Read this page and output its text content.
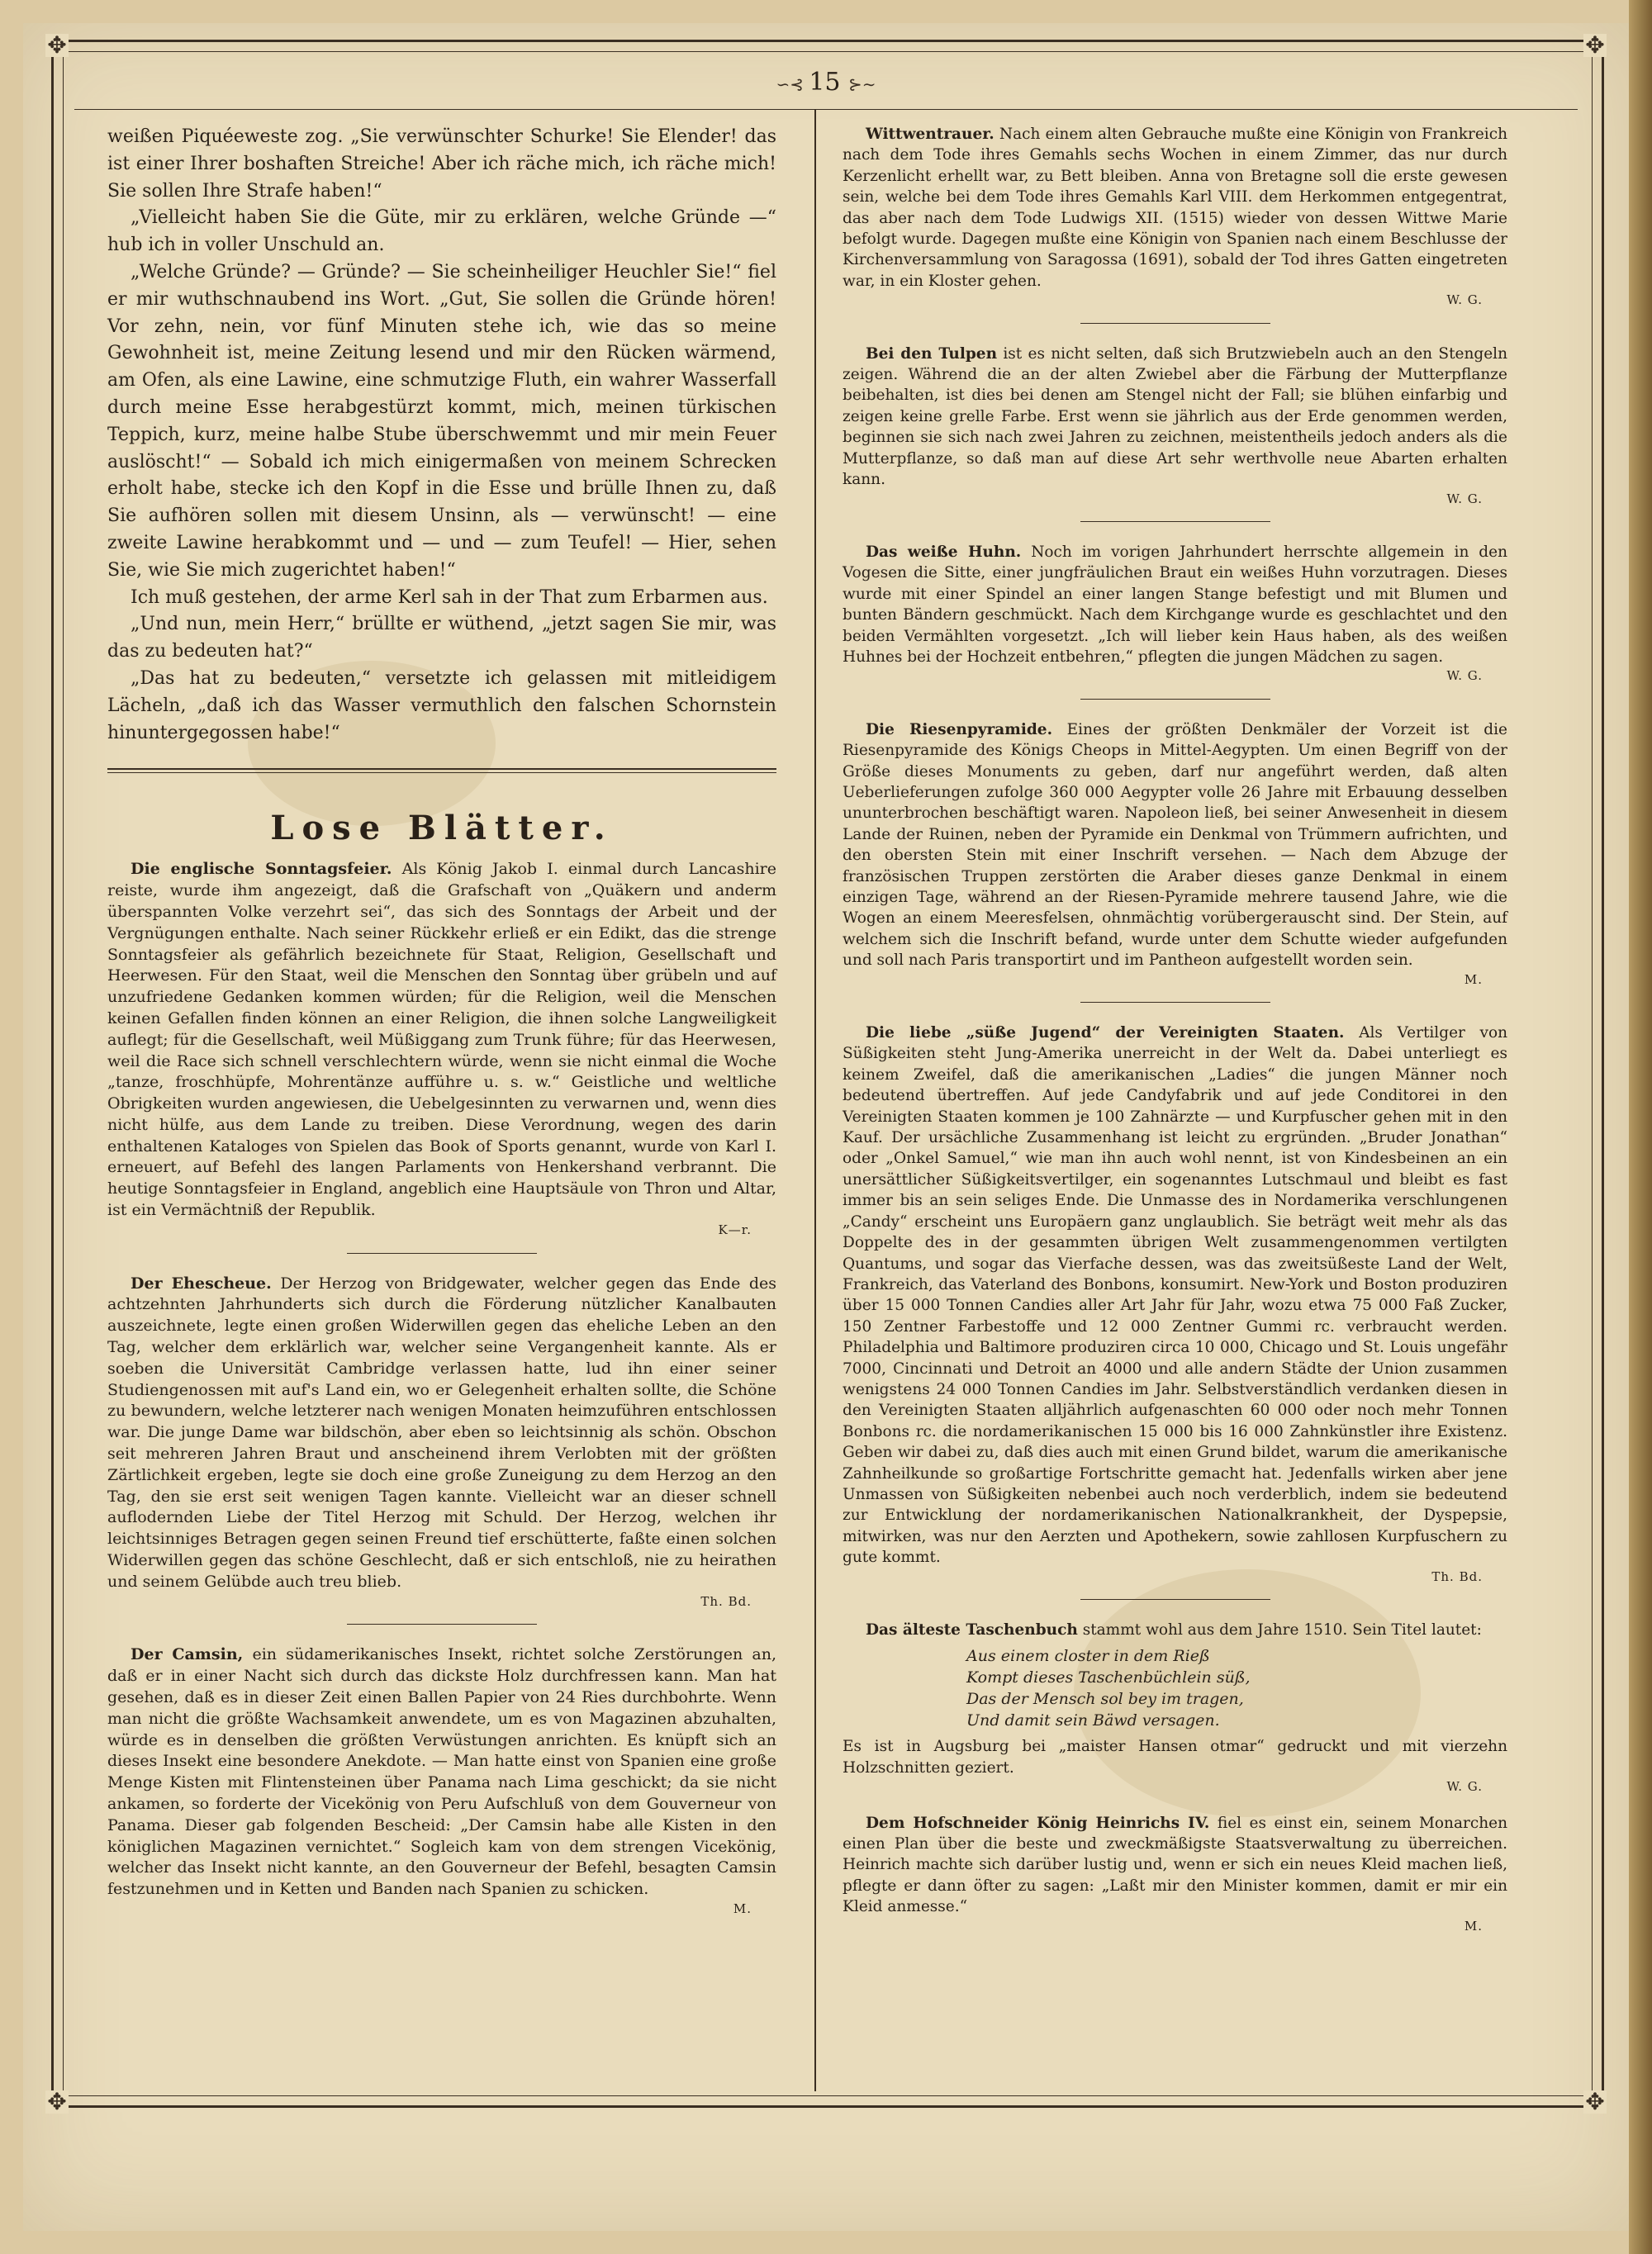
✥	✥
✥	✥
∽⊰ 15 ⊱∼

weißen Piquéeweste zog. „Sie verwünschter Schurke! Sie Elender! das ist einer Ihrer boshaften Streiche! Aber ich räche mich, ich räche mich! Sie sollen Ihre Strafe haben!“

„Vielleicht haben Sie die Güte, mir zu erklären, welche Gründe —“ hub ich in voller Unschuld an.

„Welche Gründe? — Gründe? — Sie scheinheiliger Heuchler Sie!“ fiel er mir wuthschnaubend ins Wort. „Gut, Sie sollen die Gründe hören! Vor zehn, nein, vor fünf Minuten stehe ich, wie das so meine Gewohnheit ist, meine Zeitung lesend und mir den Rücken wärmend, am Ofen, als eine Lawine, eine schmutzige Fluth, ein wahrer Wasserfall durch meine Esse herabgestürzt kommt, mich, meinen türkischen Teppich, kurz, meine halbe Stube überschwemmt und mir mein Feuer auslöscht!“ — Sobald ich mich einigermaßen von meinem Schrecken erholt habe, stecke ich den Kopf in die Esse und brülle Ihnen zu, daß Sie aufhören sollen mit diesem Unsinn, als — verwünscht! — eine zweite Lawine herabkommt und — und — zum Teufel! — Hier, sehen Sie, wie Sie mich zugerichtet haben!“

Ich muß gestehen, der arme Kerl sah in der That zum Erbarmen aus.

„Und nun, mein Herr,“ brüllte er wüthend, „jetzt sagen Sie mir, was das zu bedeuten hat?“

„Das hat zu bedeuten,“ versetzte ich gelassen mit mitleidigem Lächeln, „daß ich das Wasser vermuthlich den falschen Schornstein hinuntergegossen habe!“

Lose Blätter.

Die englische Sonntagsfeier. Als König Jakob I. einmal durch Lancashire reiste, wurde ihm angezeigt, daß die Grafschaft von „Quäkern und anderm überspannten Volke verzehrt sei“, das sich des Sonntags der Arbeit und der Vergnügungen enthalte. Nach seiner Rückkehr erließ er ein Edikt, das die strenge Sonntagsfeier als gefährlich bezeichnete für Staat, Religion, Gesellschaft und Heerwesen. Für den Staat, weil die Menschen den Sonntag über grübeln und auf unzufriedene Gedanken kommen würden; für die Religion, weil die Menschen keinen Gefallen finden können an einer Religion, die ihnen solche Langweiligkeit auflegt; für die Gesellschaft, weil Müßiggang zum Trunk führe; für das Heerwesen, weil die Race sich schnell verschlechtern würde, wenn sie nicht einmal die Woche „tanze, froschhüpfe, Mohrentänze aufführe u. s. w.“ Geistliche und weltliche Obrigkeiten wurden angewiesen, die Uebelgesinnten zu verwarnen und, wenn dies nicht hülfe, aus dem Lande zu treiben. Diese Verordnung, wegen des darin enthaltenen Kataloges von Spielen das Book of Sports genannt, wurde von Karl I. erneuert, auf Befehl des langen Parlaments von Henkershand verbrannt. Die heutige Sonntagsfeier in England, angeblich eine Hauptsäule von Thron und Altar, ist ein Vermächtniß der Republik.

K—r.

Der Ehescheue. Der Herzog von Bridgewater, welcher gegen das Ende des achtzehnten Jahrhunderts sich durch die Förderung nützlicher Kanalbauten auszeichnete, legte einen großen Widerwillen gegen das eheliche Leben an den Tag, welcher dem erklärlich war, welcher seine Vergangenheit kannte. Als er soeben die Universität Cambridge verlassen hatte, lud ihn einer seiner Studiengenossen mit auf's Land ein, wo er Gelegenheit erhalten sollte, die Schöne zu bewundern, welche letzterer nach wenigen Monaten heimzuführen entschlossen war. Die junge Dame war bildschön, aber eben so leichtsinnig als schön. Obschon seit mehreren Jahren Braut und anscheinend ihrem Verlobten mit der größten Zärtlichkeit ergeben, legte sie doch eine große Zuneigung zu dem Herzog an den Tag, den sie erst seit wenigen Tagen kannte. Vielleicht war an dieser schnell auflodernden Liebe der Titel Herzog mit Schuld. Der Herzog, welchen ihr leichtsinniges Betragen gegen seinen Freund tief erschütterte, faßte einen solchen Widerwillen gegen das schöne Geschlecht, daß er sich entschloß, nie zu heirathen und seinem Gelübde auch treu blieb.

Th. Bd.

Der Camsin, ein südamerikanisches Insekt, richtet solche Zerstörungen an, daß er in einer Nacht sich durch das dickste Holz durchfressen kann. Man hat gesehen, daß es in dieser Zeit einen Ballen Papier von 24 Ries durchbohrte. Wenn man nicht die größte Wachsamkeit anwendete, um es von Magazinen abzuhalten, würde es in denselben die größten Verwüstungen anrichten. Es knüpft sich an dieses Insekt eine besondere Anekdote. — Man hatte einst von Spanien eine große Menge Kisten mit Flintensteinen über Panama nach Lima geschickt; da sie nicht ankamen, so forderte der Vicekönig von Peru Aufschluß von dem Gouverneur von Panama. Dieser gab folgenden Bescheid: „Der Camsin habe alle Kisten in den königlichen Magazinen vernichtet.“ Sogleich kam von dem strengen Vicekönig, welcher das Insekt nicht kannte, an den Gouverneur der Befehl, besagten Camsin festzunehmen und in Ketten und Banden nach Spanien zu schicken.

M.

Wittwentrauer. Nach einem alten Gebrauche mußte eine Königin von Frankreich nach dem Tode ihres Gemahls sechs Wochen in einem Zimmer, das nur durch Kerzenlicht erhellt war, zu Bett bleiben. Anna von Bretagne soll die erste gewesen sein, welche bei dem Tode ihres Gemahls Karl VIII. dem Herkommen entgegentrat, das aber nach dem Tode Ludwigs XII. (1515) wieder von dessen Wittwe Marie befolgt wurde. Dagegen mußte eine Königin von Spanien nach einem Beschlusse der Kirchenversammlung von Saragossa (1691), sobald der Tod ihres Gatten eingetreten war, in ein Kloster gehen.

W. G.

Bei den Tulpen ist es nicht selten, daß sich Brutzwiebeln auch an den Stengeln zeigen. Während die an der alten Zwiebel aber die Färbung der Mutterpflanze beibehalten, ist dies bei denen am Stengel nicht der Fall; sie blühen einfarbig und zeigen keine grelle Farbe. Erst wenn sie jährlich aus der Erde genommen werden, beginnen sie sich nach zwei Jahren zu zeichnen, meistentheils jedoch anders als die Mutterpflanze, so daß man auf diese Art sehr werthvolle neue Abarten erhalten kann.

W. G.

Das weiße Huhn. Noch im vorigen Jahrhundert herrschte allgemein in den Vogesen die Sitte, einer jungfräulichen Braut ein weißes Huhn vorzutragen. Dieses wurde mit einer Spindel an einer langen Stange befestigt und mit Blumen und bunten Bändern geschmückt. Nach dem Kirchgange wurde es geschlachtet und den beiden Vermählten vorgesetzt. „Ich will lieber kein Haus haben, als des weißen Huhnes bei der Hochzeit entbehren,“ pflegten die jungen Mädchen zu sagen.

W. G.

Die Riesenpyramide. Eines der größten Denkmäler der Vorzeit ist die Riesenpyramide des Königs Cheops in Mittel-Aegypten. Um einen Begriff von der Größe dieses Monuments zu geben, darf nur angeführt werden, daß alten Ueberlieferungen zufolge 360 000 Aegypter volle 26 Jahre mit Erbauung desselben ununterbrochen beschäftigt waren. Napoleon ließ, bei seiner Anwesenheit in diesem Lande der Ruinen, neben der Pyramide ein Denkmal von Trümmern aufrichten, und den obersten Stein mit einer Inschrift versehen. — Nach dem Abzuge der französischen Truppen zerstörten die Araber dieses ganze Denkmal in einem einzigen Tage, während an der Riesen-Pyramide mehrere tausend Jahre, wie die Wogen an einem Meeresfelsen, ohnmächtig vorübergerauscht sind. Der Stein, auf welchem sich die Inschrift befand, wurde unter dem Schutte wieder aufgefunden und soll nach Paris transportirt und im Pantheon aufgestellt worden sein.

M.

Die liebe „süße Jugend“ der Vereinigten Staaten. Als Vertilger von Süßigkeiten steht Jung-Amerika unerreicht in der Welt da. Dabei unterliegt es keinem Zweifel, daß die amerikanischen „Ladies“ die jungen Männer noch bedeutend übertreffen. Auf jede Candyfabrik und auf jede Conditorei in den Vereinigten Staaten kommen je 100 Zahnärzte — und Kurpfuscher gehen mit in den Kauf. Der ursächliche Zusammenhang ist leicht zu ergründen. „Bruder Jonathan“ oder „Onkel Samuel,“ wie man ihn auch wohl nennt, ist von Kindesbeinen an ein unersättlicher Süßigkeitsvertilger, ein sogenanntes Lutschmaul und bleibt es fast immer bis an sein seliges Ende. Die Unmasse des in Nordamerika verschlungenen „Candy“ erscheint uns Europäern ganz unglaublich. Sie beträgt weit mehr als das Doppelte des in der gesammten übrigen Welt zusammengenommen vertilgten Quantums, und sogar das Vierfache dessen, was das zweitsüßeste Land der Welt, Frankreich, das Vaterland des Bonbons, konsumirt. New-York und Boston produziren über 15 000 Tonnen Candies aller Art Jahr für Jahr, wozu etwa 75 000 Faß Zucker, 150 Zentner Farbestoffe und 12 000 Zentner Gummi rc. verbraucht werden. Philadelphia und Baltimore produziren circa 10 000, Chicago und St. Louis ungefähr 7000, Cincinnati und Detroit an 4000 und alle andern Städte der Union zusammen wenigstens 24 000 Tonnen Candies im Jahr. Selbstverständlich verdanken diesen in den Vereinigten Staaten alljährlich aufgenaschten 60 000 oder noch mehr Tonnen Bonbons rc. die nordamerikanischen 15 000 bis 16 000 Zahnkünstler ihre Existenz. Geben wir dabei zu, daß dies auch mit einen Grund bildet, warum die amerikanische Zahnheilkunde so großartige Fortschritte gemacht hat. Jedenfalls wirken aber jene Unmassen von Süßigkeiten nebenbei auch noch verderblich, indem sie bedeutend zur Entwicklung der nordamerikanischen Nationalkrankheit, der Dyspepsie, mitwirken, was nur den Aerzten und Apothekern, sowie zahllosen Kurpfuschern zu gute kommt.

Th. Bd.

Das älteste Taschenbuch stammt wohl aus dem Jahre 1510. Sein Titel lautet:

Aus einem closter in dem Rieß
Kompt dieses Taschenbüchlein süß,
Das der Mensch sol bey im tragen,
Und damit sein Bäwd versagen.

Es ist in Augsburg bei „maister Hansen otmar“ gedruckt und mit vierzehn Holzschnitten geziert.

W. G.

Dem Hofschneider König Heinrichs IV. fiel es einst ein, seinem Monarchen einen Plan über die beste und zweckmäßigste Staatsverwaltung zu überreichen. Heinrich machte sich darüber lustig und, wenn er sich ein neues Kleid machen ließ, pflegte er dann öfter zu sagen: „Laßt mir den Minister kommen, damit er mir ein Kleid anmesse.“

M.
